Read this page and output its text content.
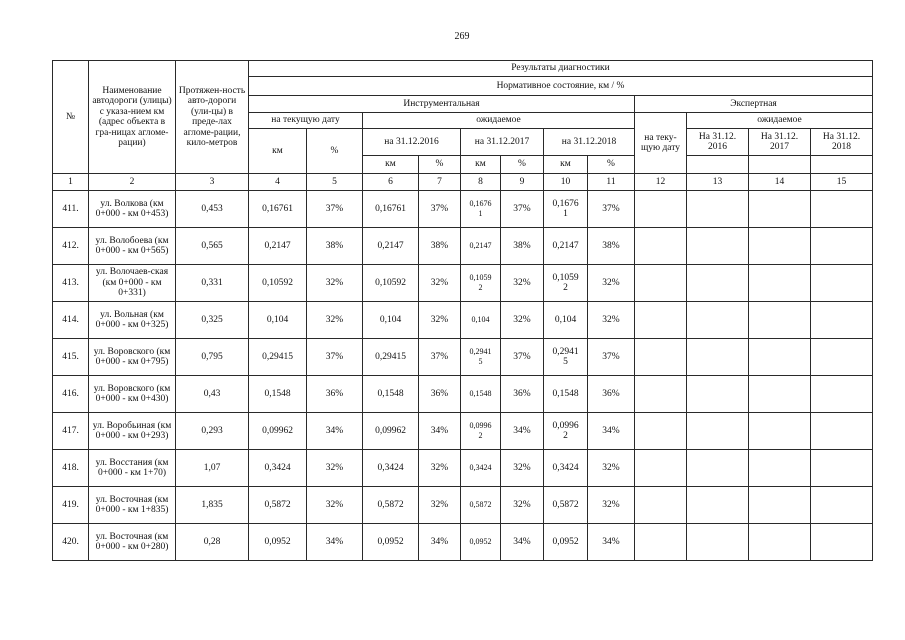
269
№	Наименование автодороги (улицы) с указа-нием км (адрес объекта в гра-ницах агломе-рации)	Протяжен-ность авто-дороги (ули-цы) в преде-лах агломе-рации, кило-метров	Результаты диагностики											
			Нормативное состояние, км / %											
			Инструментальная								Экспертная			
			на текущую дату		ожидаемое						на теку-щую дату	ожидаемое		
			км	%	на 31.12.2016		на 31.12.2017		на 31.12.2018			На 31.12. 2016	На 31.12. 2017	На 31.12. 2018
					км	%	км	%	км	%				
1	2	3	4	5	6	7	8	9	10	11	12	13	14	15
411.	ул. Волкова (км 0+000 - км 0+453)	0,453	0,16761	37%	0,16761	37%	0,16761	37%	0,16761	37%				
412.	ул. Волобоева (км 0+000 - км 0+565)	0,565	0,2147	38%	0,2147	38%	0,2147	38%	0,2147	38%				
413.	ул. Волочаев-ская (км 0+000 - км 0+331)	0,331	0,10592	32%	0,10592	32%	0,10592	32%	0,10592	32%				
414.	ул. Вольная (км 0+000 - км 0+325)	0,325	0,104	32%	0,104	32%	0,104	32%	0,104	32%				
415.	ул. Воровского (км 0+000 - км 0+795)	0,795	0,29415	37%	0,29415	37%	0,29415	37%	0,29415	37%				
416.	ул. Воровского (км 0+000 - км 0+430)	0,43	0,1548	36%	0,1548	36%	0,1548	36%	0,1548	36%				
417.	ул. Воробьиная (км 0+000 - км 0+293)	0,293	0,09962	34%	0,09962	34%	0,09962	34%	0,09962	34%				
418.	ул. Восстания (км 0+000 - км 1+70)	1,07	0,3424	32%	0,3424	32%	0,3424	32%	0,3424	32%				
419.	ул. Восточная (км 0+000 - км 1+835)	1,835	0,5872	32%	0,5872	32%	0,5872	32%	0,5872	32%				
420.	ул. Восточная (км 0+000 - км 0+280)	0,28	0,0952	34%	0,0952	34%	0,0952	34%	0,0952	34%				
